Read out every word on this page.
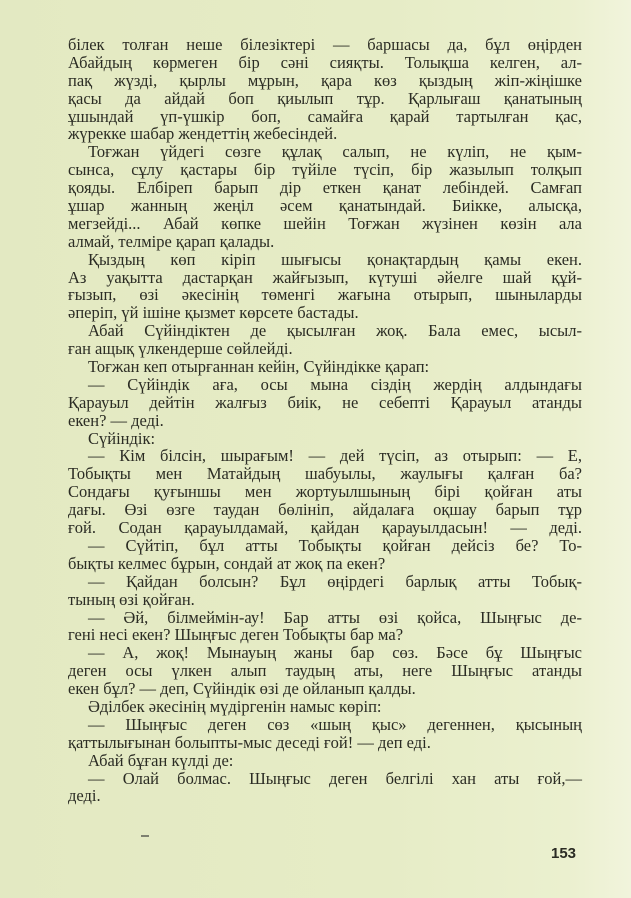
білек толған неше білезіктері — баршасы да, бұл өңірден
Абайдың көрмеген бір сәні сияқты. Толықша келген, ал-
пақ жүзді, қырлы мұрын, қара көз қыздың жіп-жіңішке
қасы да айдай боп қиылып тұр. Қарлығаш қанатының
ұшындай үп-үшкір боп, самайға қарай тартылған қас,
жүрекке шабар жендеттің жебесіндей.
Тоғжан үйдегі сөзге құлақ салып, не күліп, не қым-
сынса, сұлу қастары бір түйіле түсіп, бір жазылып толқып
қояды. Елбіреп барып дір еткен қанат лебіндей. Самғап
ұшар жанның жеңіл әсем қанатындай. Биікке, алысқа,
мегзейді... Абай көпке шейін Тоғжан жүзінен көзін ала
алмай, телміре қарап қалады.
Қыздың көп кіріп шығысы қонақтардың қамы екен.
Аз уақытта дастарқан жайғызып, күтуші әйелге шай құй-
ғызып, өзі әкесінің төменгі жағына отырып, шыныларды
әперіп, үй ішіне қызмет көрсете бастады.
Абай Сүйіндіктен де қысылған жоқ. Бала емес, ысыл-
ған ащық үлкендерше сөйлейді.
Тоғжан кеп отырғаннан кейін, Сүйіндікке қарап:
— Сүйіндік аға, осы мына сіздің жердің алдындағы
Қарауыл дейтін жалғыз биік, не себепті Қарауыл атанды
екен? — деді.
Сүйіндік:
— Кім білсін, шырағым! — дей түсіп, аз отырып: — Е,
Тобықты мен Матайдың шабуылы, жаулығы қалған ба?
Сондағы қуғыншы мен жортуылшының бірі қойған аты
дағы. Өзі өзге таудан бөлініп, айдалаға оқшау барып тұр
ғой. Содан қарауылдамай, қайдан қарауылдасын! — деді.
— Сүйтіп, бұл атты Тобықты қойған дейсіз бе? То-
бықты келмес бұрын, сондай ат жоқ па екен?
— Қайдан болсын? Бұл өңірдегі барлық атты Тобық-
тының өзі қойған.
— Әй, білмеймін-ау! Бар атты өзі қойса, Шыңғыс де-
гені несі екен? Шыңғыс деген Тобықты бар ма?
— А, жоқ! Мынауың жаны бар сөз. Бәсе бұ Шыңғыс
деген осы үлкен алып таудың аты, неге Шыңғыс атанды
екен бұл? — деп, Сүйіндік өзі де ойланып қалды.
Әділбек әкесінің мүдіргенін намыс көріп:
— Шыңғыс деген сөз «шың қыс» дегеннен, қысының
қаттылығынан болыпты-мыс деседі ғой! — деп еді.
Абай бұған күлді де:
— Олай болмас. Шыңғыс деген белгілі хан аты ғой,—
деді.
153
